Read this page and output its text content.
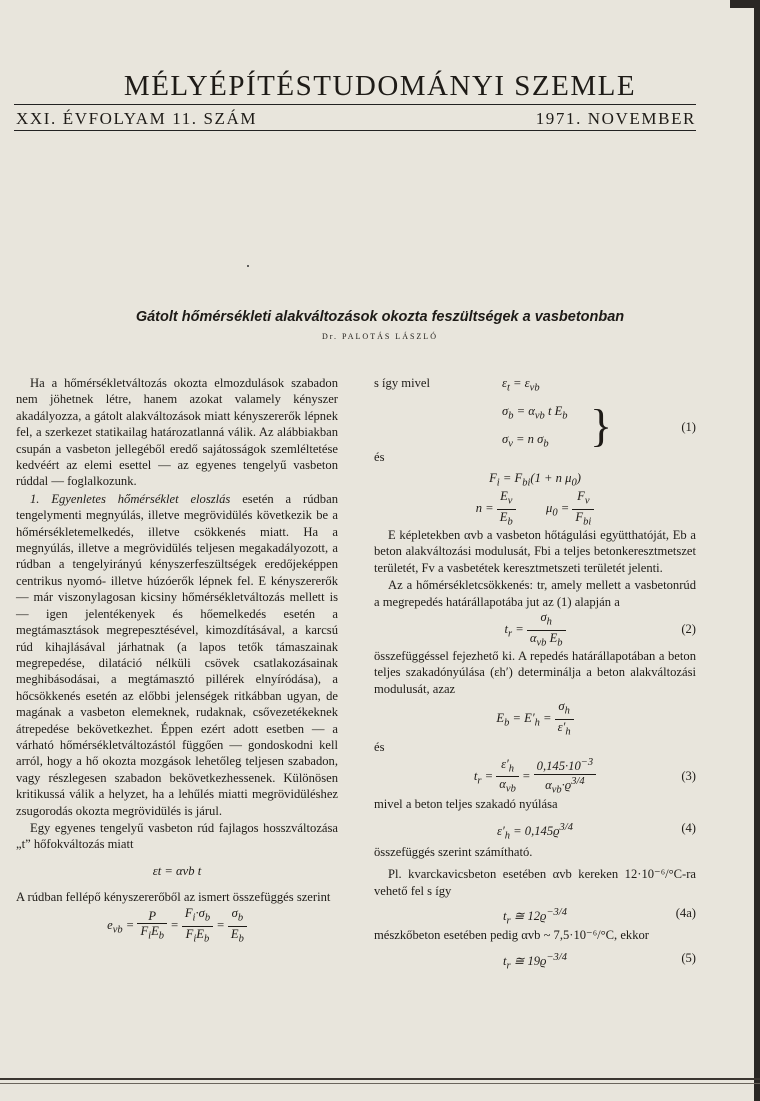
MÉLYÉPÍTÉSTUDOMÁNYI SZEMLE
XXI. ÉVFOLYAM 11. SZÁM	1971. NOVEMBER
Gátolt hőmérsékleti alakváltozások okozta feszültségek a vasbetonban
Dr. PALOTÁS LÁSZLÓ

Ha a hőmérsékletváltozás okozta elmozdulások szabadon nem jöhetnek létre, hanem azokat valamely kényszer akadályozza, a gátolt alakváltozások miatt kényszererők lépnek fel, a szerkezet statikailag határozatlanná válik. Az alábbiakban csupán a vasbeton jellegéből eredő sajátosságok szemléltetése kedvéért az elemi esettel — az egyenes tengelyű vasbeton rúddal — foglalkozunk.

1. Egyenletes hőmérséklet eloszlás esetén a rúdban tengelymenti megnyúlás, illetve megrövidülés következik be a hőmérsékletemelkedés, illetve csökkenés miatt. Ha a megnyúlás, illetve a megrövidülés teljesen megakadályozott, a rúdban a tengelyirányú kényszerfeszültségek eredőjeképpen centrikus nyomó- illetve húzóerők lépnek fel. E kényszererők — már viszonylagosan kicsiny hőmérsékletváltozás mellett is — igen jelentékenyek és hőemelkedés esetén a megtámasztások megrepesztésével, kimozdításával, a karcsú rúd kihajlásával járhatnak (a lapos tetők támaszainak megrepedése, dilatáció nélküli csövek csatlakozásainak meghibásodásai, a megtámasztó pillérek elnyíródása), a hőcsökkenés esetén az előbbi jelenségek ritkábban ugyan, de magának a vasbeton elemeknek, rudaknak, csővezetékeknek átrepedése bekövetkezhet. Éppen ezért adott esetben — a várható hőmérsékletváltozástól függően — gondoskodni kell arról, hogy a hő okozta mozgások lehetőleg teljesen szabadon, vagy részlegesen szabadon bekövetkezhessenek. Különösen kritikussá válik a helyzet, ha a lehűlés miatti megrövidüléshez zsugorodás okozta megrövidülés is járul.

Egy egyenes tengelyű vasbeton rúd fajlagos hosszváltozása „t” hőfokváltozás miatt

εt = αvb t

A rúdban fellépő kényszererőből az ismert összefüggés szerint

$e_{vb} = \frac{P}{F_iE_b} = \frac{F_i\cdot\sigma_b}{F_iE_b} = \frac{\sigma_b}{E_b}$
s így mivel	$\varepsilon_t = \varepsilon_{vb}$
$\sigma_b = \alpha_{vb}$ t $E_b$
$\sigma_v = n$ $\sigma_b$ }
és
(1)
$F_i = F_{bi}(1 + n$ $\mu_0$)
$n = \frac{E_v}{E_b} \mu_0 = \frac{F_v}{F_{bi}}$

E képletekben αvb a vasbeton hőtágulási együtthatóját, Eb a beton alakváltozási modulusát, Fbi a teljes betonkeresztmetszet területét, Fv a vasbetétek keresztmetszeti területét jelenti.

Az a hőmérsékletcsökkenés: tr, amely mellett a vasbetonrúd a megrepedés határállapotába jut az (1) alapján a

$t_r = \frac{\sigma_h}{\alpha_{vb} E_b}$	(2)

összefüggéssel fejezhető ki. A repedés határállapotában a beton teljes szakadónyúlása (εh′) determinálja a beton alakváltozási modulusát, azaz

$E_b = E'_h = \frac{\sigma_h}{\varepsilon'_h}$

és

$t_r = \frac{\varepsilon'_h}{\alpha_{vb}} = \frac{0,145\cdot 10^{-3}}{\alpha_{vb}\cdot ϱ^{3/4}}$	(3)

mivel a beton teljes szakadó nyúlása

$\varepsilon'_h = 0,145ϱ^{3/4}$	(4)

összefüggés szerint számítható.

Pl. kvarckavicsbeton esetében αvb kereken 12·10⁻⁶/°C-ra vehető fel s így

$t_r$ ≅ $12ϱ^{-3/4}$	(4a)

mészkőbeton esetében pedig αvb ~ 7,5·10⁻⁶/°C, ekkor

$t_r$ ≅ $19ϱ^{-3/4}$	(5)
